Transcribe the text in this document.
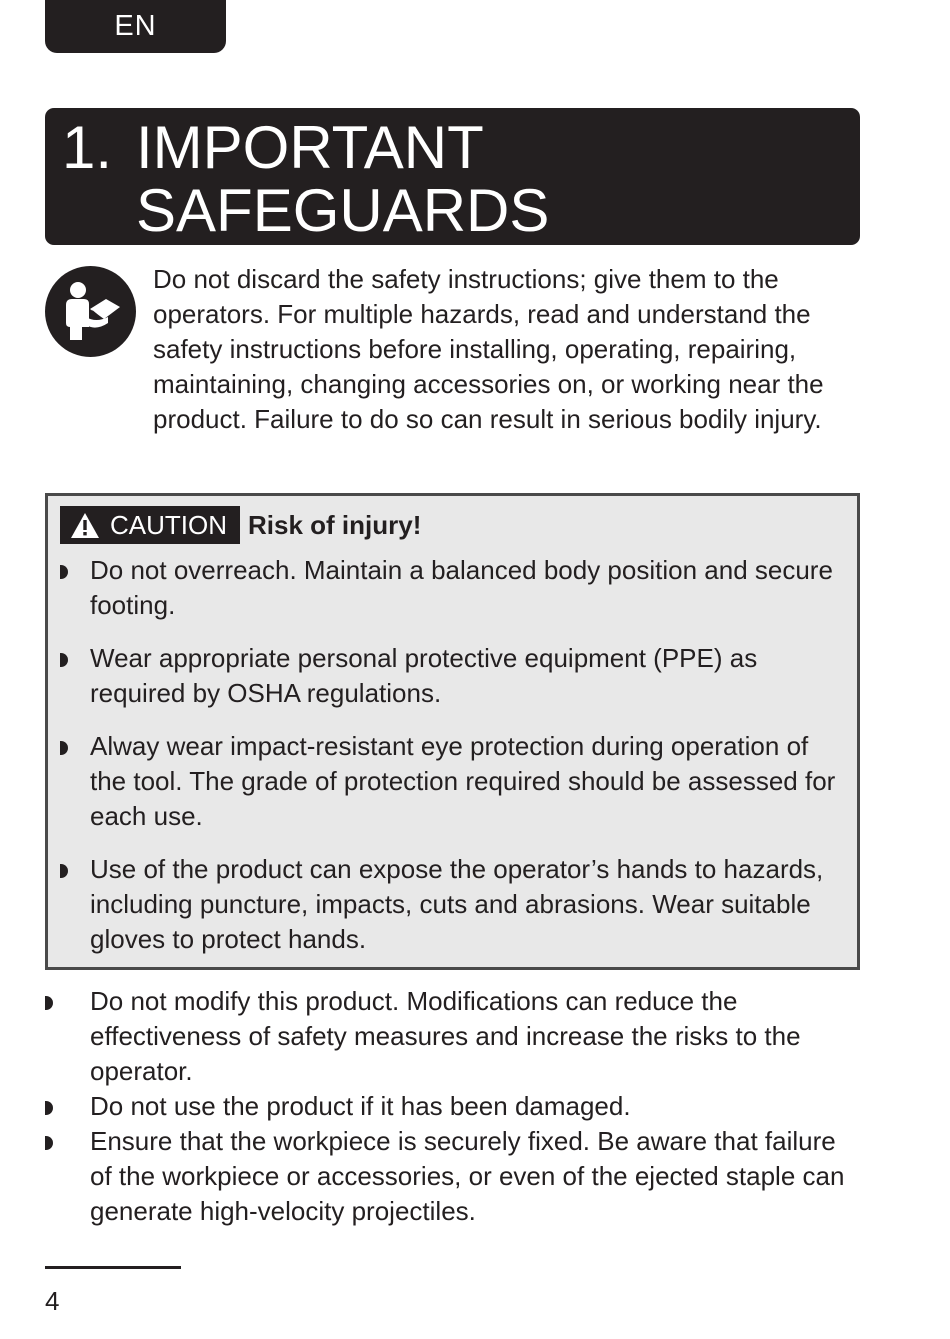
EN
1. IMPORTANT SAFEGUARDS
Do not discard the safety instructions; give them to the operators. For multiple hazards, read and understand the safety instructions before installing, operating, repairing, maintaining, changing accessories on, or working near the product. Failure to do so can result in serious bodily injury.
CAUTION Risk of injury!
Do not overreach. Maintain a balanced body position and secure footing.
Wear appropriate personal protective equipment (PPE) as required by OSHA regulations.
Alway wear impact-resistant eye protection during operation of the tool. The grade of protection required should be assessed for each use.
Use of the product can expose the operator’s hands to hazards, including puncture, impacts, cuts and abrasions. Wear suitable gloves to protect hands.
Do not modify this product. Modifications can reduce the effectiveness of safety measures and increase the risks to the operator.
Do not use the product if it has been damaged.
Ensure that the workpiece is securely fixed. Be aware that failure of the workpiece or accessories, or even of the ejected staple can generate high-velocity projectiles.
4
